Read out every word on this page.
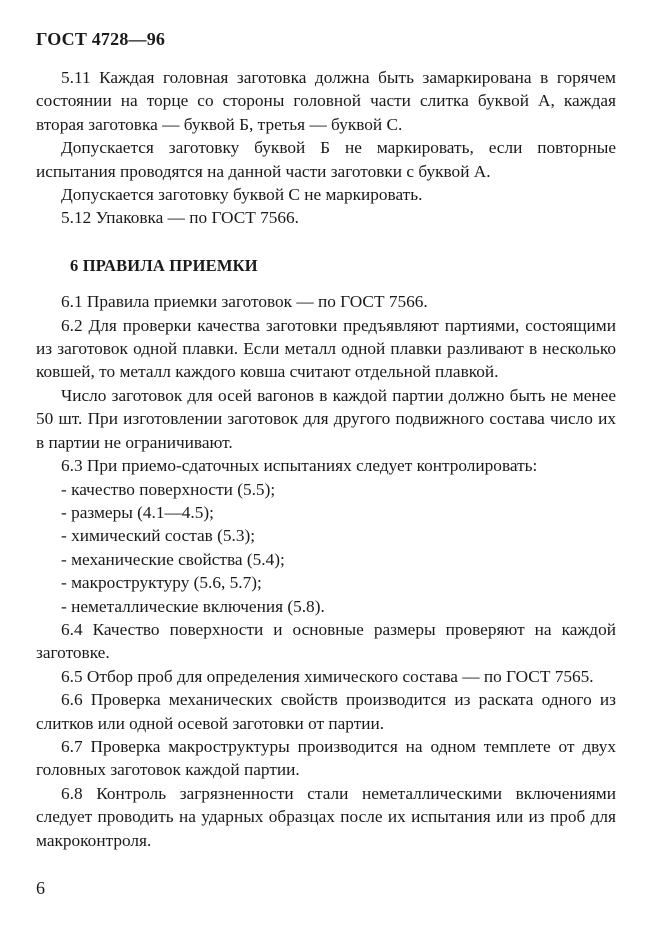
ГОСТ 4728—96

5.11 Каждая головная заготовка должна быть замаркирована в горячем состоянии на торце со стороны головной части слитка буквой А, каждая вторая заготовка — буквой Б, третья — буквой С.

Допускается заготовку буквой Б не маркировать, если повторные испытания проводятся на данной части заготовки с буквой А.

Допускается заготовку буквой С не маркировать.

5.12 Упаковка — по ГОСТ 7566.

6 ПРАВИЛА ПРИЕМКИ

6.1 Правила приемки заготовок — по ГОСТ 7566.

6.2 Для проверки качества заготовки предъявляют партиями, состоящими из заготовок одной плавки. Если металл одной плавки разливают в несколько ковшей, то металл каждого ковша считают отдельной плавкой.

Число заготовок для осей вагонов в каждой партии должно быть не менее 50 шт. При изготовлении заготовок для другого подвижного состава число их в партии не ограничивают.

6.3 При приемо-сдаточных испытаниях следует контролировать:

- качество поверхности (5.5);

- размеры (4.1—4.5);

- химический состав (5.3);

- механические свойства (5.4);

- макроструктуру (5.6, 5.7);

- неметаллические включения (5.8).

6.4 Качество поверхности и основные размеры проверяют на каждой заготовке.

6.5 Отбор проб для определения химического состава — по ГОСТ 7565.

6.6 Проверка механических свойств производится из раската одного из слитков или одной осевой заготовки от партии.

6.7 Проверка макроструктуры производится на одном темплете от двух головных заготовок каждой партии.

6.8 Контроль загрязненности стали неметаллическими включениями следует проводить на ударных образцах после их испытания или из проб для макроконтроля.

6
